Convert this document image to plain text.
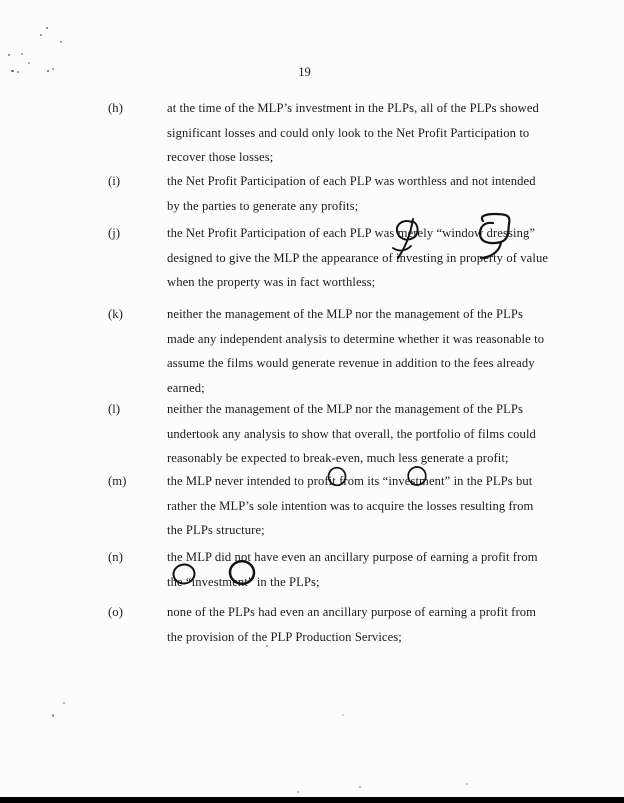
19
(h)	at the time of the MLP’s investment in the PLPs, all of the PLPs showed
significant losses and could only look to the Net Profit Participation to
recover those losses;
(i)	the Net Profit Participation of each PLP was worthless and not intended
by the parties to generate any profits;
(j)	the Net Profit Participation of each PLP was merely “window dressing”
designed to give the MLP the appearance of investing in property of value
when the property was in fact worthless;
(k)	neither the management of the MLP nor the management of the PLPs
made any independent analysis to determine whether it was reasonable to
assume the films would generate revenue in addition to the fees already
earned;
(l)	neither the management of the MLP nor the management of the PLPs
undertook any analysis to show that overall, the portfolio of films could
reasonably be expected to break-even, much less generate a profit;
(m)	the MLP never intended to profit from its “investment” in the PLPs but
rather the MLP’s sole intention was to acquire the losses resulting from
the PLPs structure;
(n)	the MLP did not have even an ancillary purpose of earning a profit from
the “investment” in the PLPs;
(o)	none of the PLPs had even an ancillary purpose of earning a profit from
the provision of the PLP Production Services;
